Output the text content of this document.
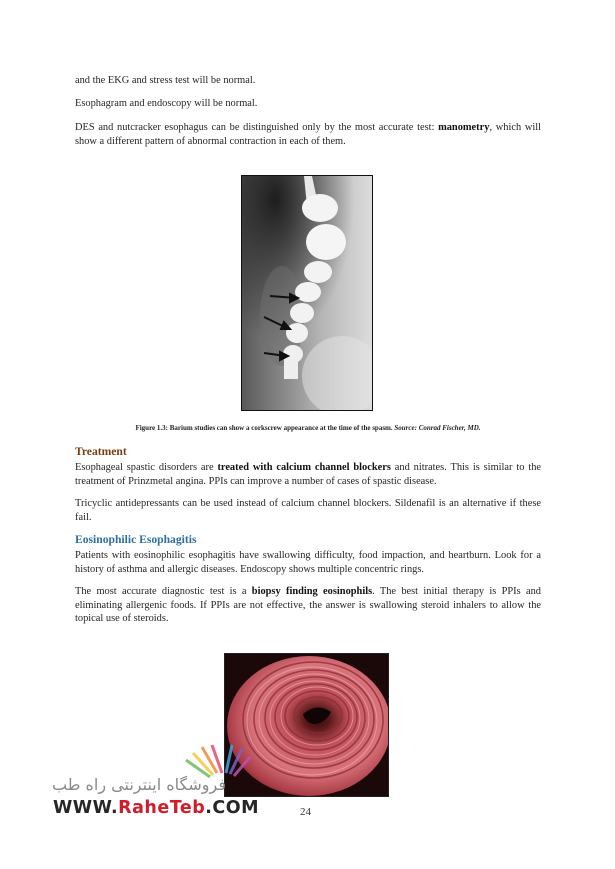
and the EKG and stress test will be normal.

Esophagram and endoscopy will be normal.

DES and nutcracker esophagus can be distinguished only by the most accurate test: manometry, which will show a different pattern of abnormal contraction in each of them.

Figure 1.3: Barium studies can show a corkscrew appearance at the time of the spasm. Source: Conrad Fischer, MD.
Treatment

Esophageal spastic disorders are treated with calcium channel blockers and nitrates. This is similar to the treatment of Prinzmetal angina. PPIs can improve a number of cases of spastic disease.

Tricyclic antidepressants can be used instead of calcium channel blockers. Sildenafil is an alternative if these fail.

Eosinophilic Esophagitis

Patients with eosinophilic esophagitis have swallowing difficulty, food impaction, and heartburn. Look for a history of asthma and allergic diseases. Endoscopy shows multiple concentric rings.

The most accurate diagnostic test is a biopsy finding eosinophils. The best initial therapy is PPIs and eliminating allergenic foods. If PPIs are not effective, the answer is swallowing steroid inhalers to allow the topical use of steroids.

24
فروشگاه اینترنتی راه طب
WWW.RaheTeb.COM
